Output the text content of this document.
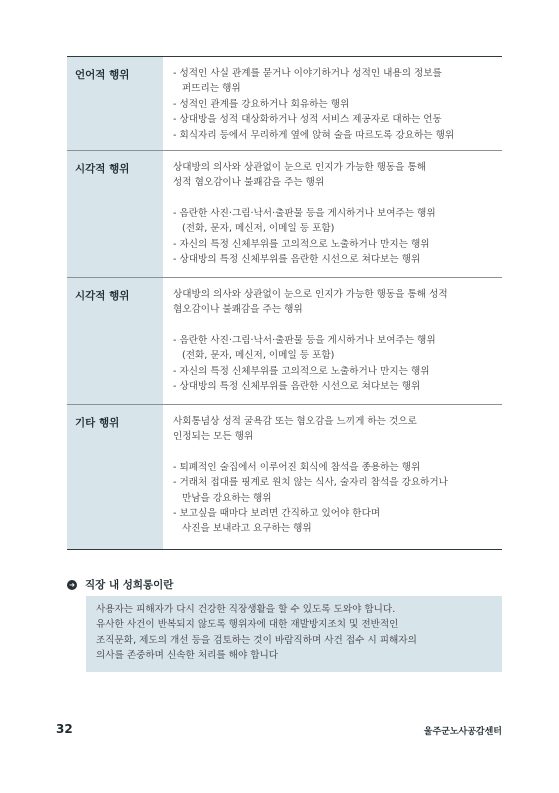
언어적 행위	- 성적인 사실 관계를 묻거나 이야기하거나 성적인 내용의 정보를
퍼뜨리는 행위
- 성적인 관계를 강요하거나 회유하는 행위
- 상대방을 성적 대상화하거나 성적 서비스 제공자로 대하는 언동
- 회식자리 등에서 무리하게 옆에 앉혀 술을 따르도록 강요하는 행위
시각적 행위	상대방의 의사와 상관없이 눈으로 인지가 가능한 행동을 통해
성적 혐오감이나 불쾌감을 주는 행위
- 음란한 사진·그림·낙서·출판물 등을 게시하거나 보여주는 행위
(전화, 문자, 메신저, 이메일 등 포함)
- 자신의 특정 신체부위를 고의적으로 노출하거나 만지는 행위
- 상대방의 특정 신체부위를 음란한 시선으로 쳐다보는 행위
시각적 행위	상대방의 의사와 상관없이 눈으로 인지가 가능한 행동을 통해 성적
혐오감이나 불쾌감을 주는 행위
- 음란한 사진·그림·낙서·출판물 등을 게시하거나 보여주는 행위
(전화, 문자, 메신저, 이메일 등 포함)
- 자신의 특정 신체부위를 고의적으로 노출하거나 만지는 행위
- 상대방의 특정 신체부위를 음란한 시선으로 쳐다보는 행위
기타 행위	사회통념상 성적 굴욕감 또는 혐오감을 느끼게 하는 것으로
인정되는 모든 행위
- 퇴폐적인 술집에서 이루어진 회식에 참석을 종용하는 행위
- 거래처 접대를 핑계로 원치 않는 식사, 술자리 참석을 강요하거나
만남을 강요하는 행위
- 보고싶을 때마다 보려면 간직하고 있어야 한다며
사진을 보내라고 요구하는 행위
➜ 직장 내 성희롱이란
사용자는 피해자가 다시 건강한 직장생활을 할 수 있도록 도와야 합니다.
유사한 사건이 반복되지 않도록 행위자에 대한 재발방지조치 및 전반적인
조직문화, 제도의 개선 등을 검토하는 것이 바람직하며 사건 접수 시 피해자의
의사를 존중하며 신속한 처리를 해야 합니다
32	울주군노사공감센터
